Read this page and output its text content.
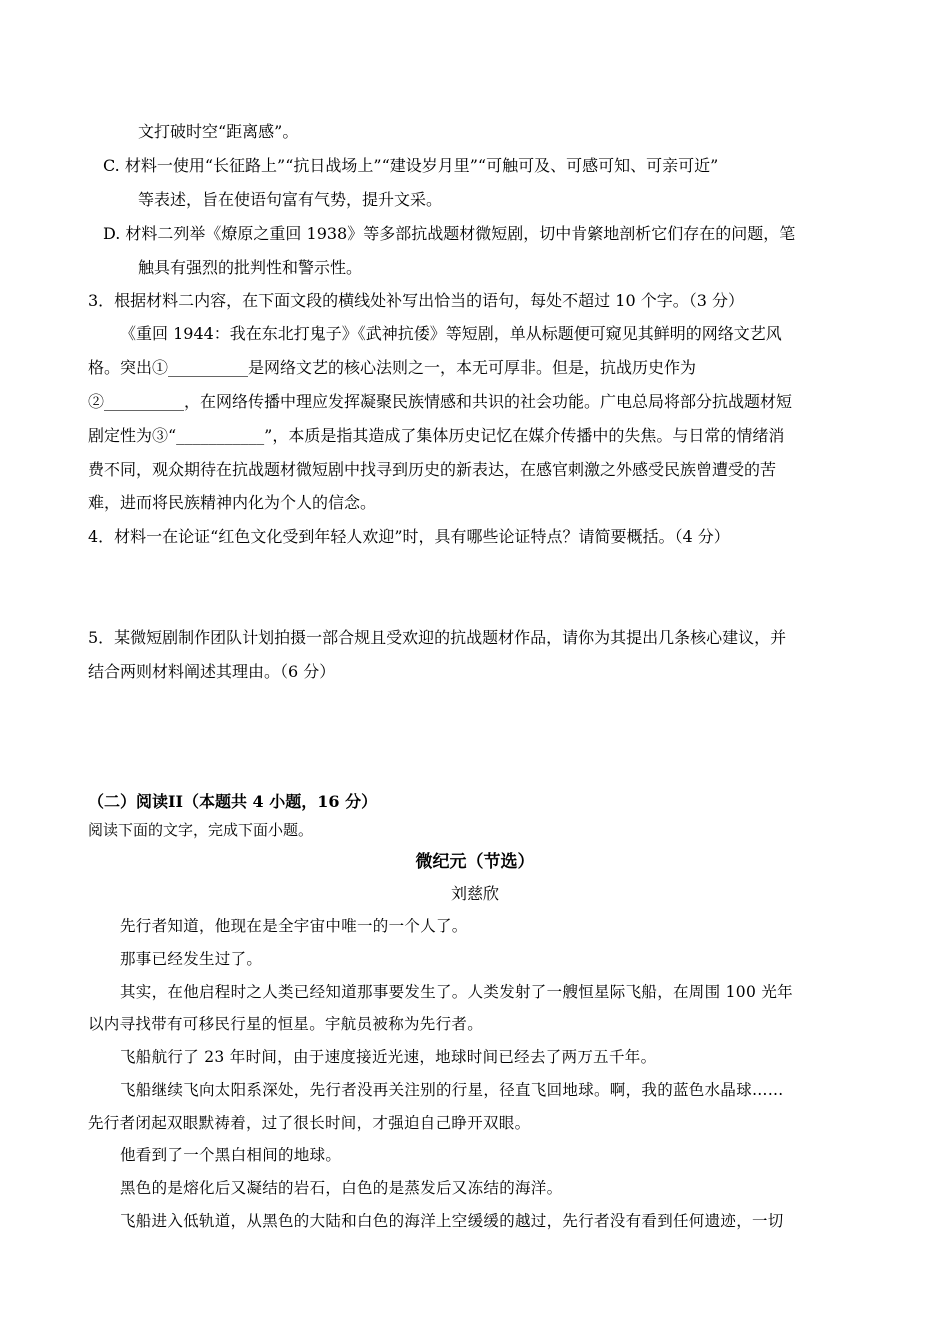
文打破时空“距离感”。
C. 材料一使用“长征路上”“抗日战场上”“建设岁月里”“可触可及、可感可知、可亲可近”
等表述，旨在使语句富有气势，提升文采。
D. 材料二列举《燎原之重回 1938》等多部抗战题材微短剧，切中肯綮地剖析它们存在的问题，笔
触具有强烈的批判性和警示性。
3．根据材料二内容，在下面文段的横线处补写出恰当的语句，每处不超过 10 个字。（3 分）
《重回 1944：我在东北打鬼子》《武神抗倭》等短剧，单从标题便可窥见其鲜明的网络文艺风
格。突出①__________是网络文艺的核心法则之一，本无可厚非。但是，抗战历史作为
②__________，在网络传播中理应发挥凝聚民族情感和共识的社会功能。广电总局将部分抗战题材短
剧定性为③“___________”，本质是指其造成了集体历史记忆在媒介传播中的失焦。与日常的情绪消
费不同，观众期待在抗战题材微短剧中找寻到历史的新表达，在感官刺激之外感受民族曾遭受的苦
难，进而将民族精神内化为个人的信念。
4．材料一在论证“红色文化受到年轻人欢迎”时，具有哪些论证特点？请简要概括。（4 分）
5．某微短剧制作团队计划拍摄一部合规且受欢迎的抗战题材作品，请你为其提出几条核心建议，并
结合两则材料阐述其理由。（6 分）
（二）阅读II（本题共 4 小题，16 分）
阅读下面的文字，完成下面小题。
微纪元（节选）
刘慈欣
先行者知道，他现在是全宇宙中唯一的一个人了。
那事已经发生过了。
其实，在他启程时之人类已经知道那事要发生了。人类发射了一艘恒星际飞船，在周围 100 光年
以内寻找带有可移民行星的恒星。宇航员被称为先行者。
飞船航行了 23 年时间，由于速度接近光速，地球时间已经去了两万五千年。
飞船继续飞向太阳系深处，先行者没再关注别的行星，径直飞回地球。啊，我的蓝色水晶球……
先行者闭起双眼默祷着，过了很长时间，才强迫自己睁开双眼。
他看到了一个黑白相间的地球。
黑色的是熔化后又凝结的岩石，白色的是蒸发后又冻结的海洋。
飞船进入低轨道，从黑色的大陆和白色的海洋上空缓缓的越过，先行者没有看到任何遗迹，一切
